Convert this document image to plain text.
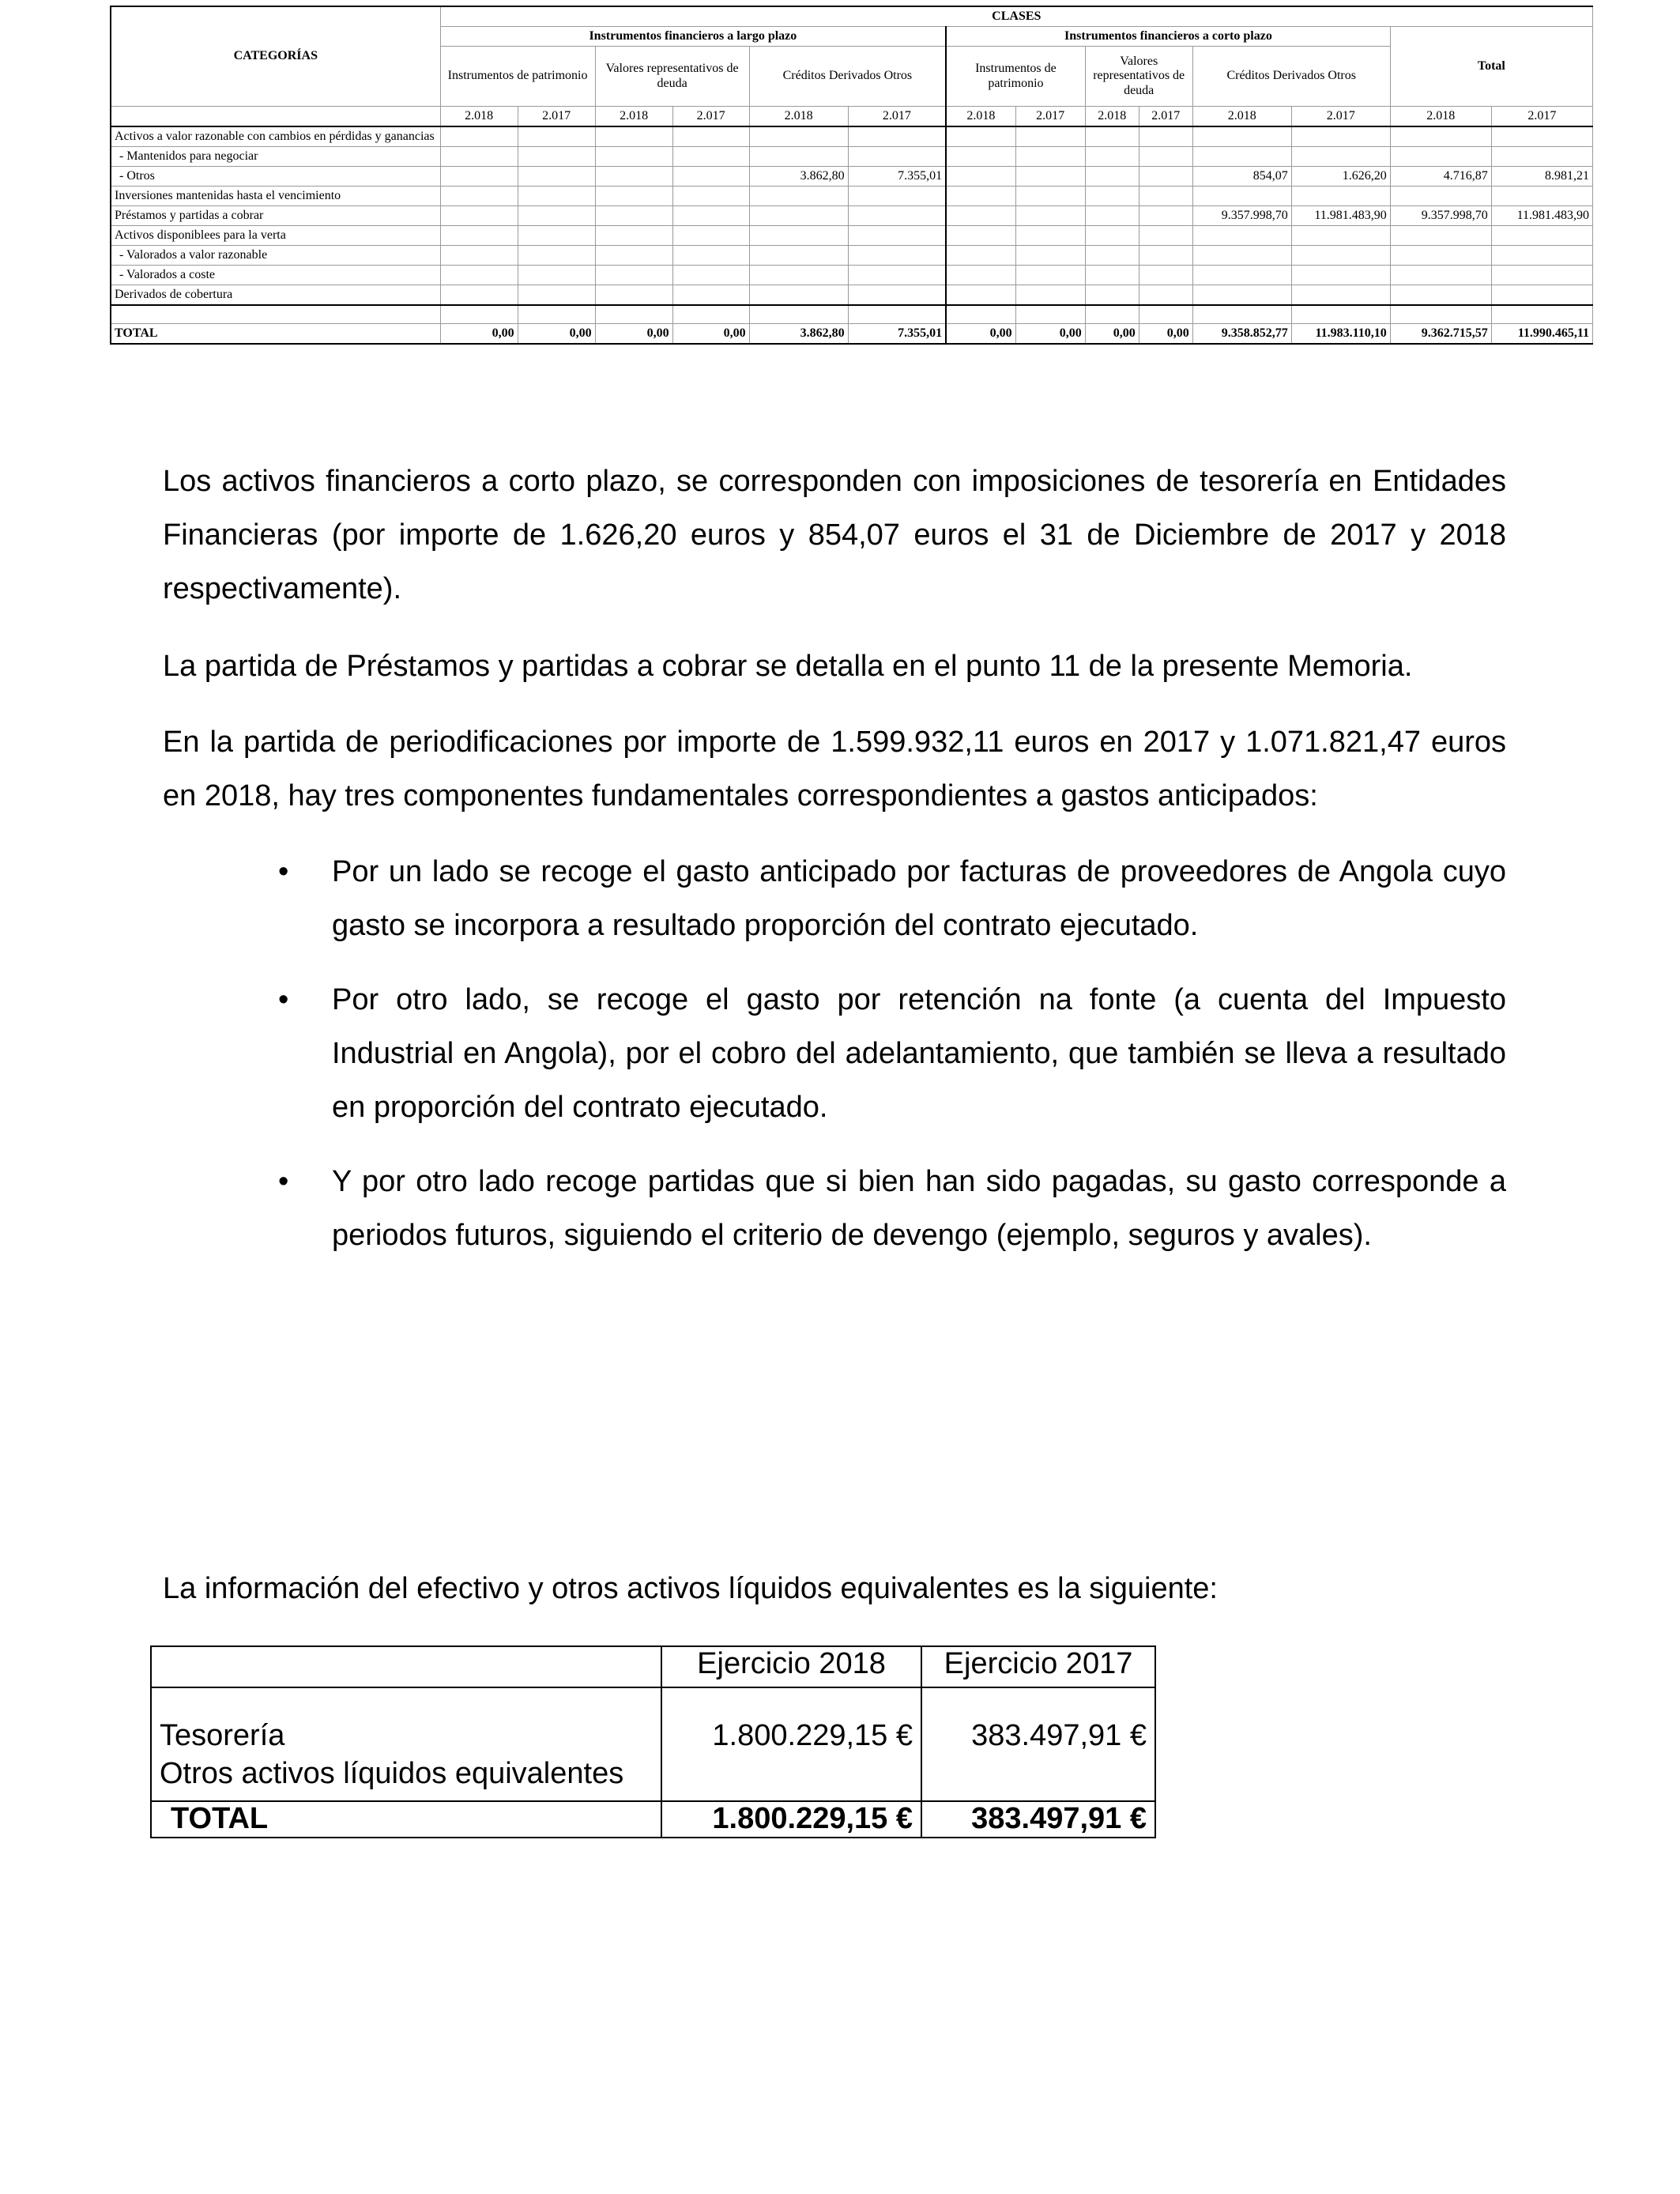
CATEGORÍAS	CLASES													
	Instrumentos financieros a largo plazo						Instrumentos financieros a corto plazo						Total	
	Instrumentos de patrimonio		Valores representativos de deuda		Créditos Derivados Otros		Instrumentos de patrimonio		Valores representativos de deuda		Créditos Derivados Otros			
	2.018	2.017	2.018	2.017	2.018	2.017	2.018	2.017	2.018	2.017	2.018	2.017	2.018	2.017
Activos a valor razonable con cambios en pérdidas y ganancias														
- Mantenidos para negociar														
- Otros					3.862,80	7.355,01					854,07	1.626,20	4.716,87	8.981,21
Inversiones mantenidas hasta el vencimiento														
Préstamos y partidas a cobrar											9.357.998,70	11.981.483,90	9.357.998,70	11.981.483,90
Activos disponiblees para la verta														
- Valorados a valor razonable														
- Valorados a coste														
Derivados de cobertura														

TOTAL	0,00	0,00	0,00	0,00	3.862,80	7.355,01	0,00	0,00	0,00	0,00	9.358.852,77	11.983.110,10	9.362.715,57	11.990.465,11

Los activos financieros a corto plazo, se corresponden con imposiciones de tesorería en Entidades Financieras (por importe de 1.626,20 euros y 854,07 euros el 31 de Diciembre de 2017 y 2018 respectivamente).

La partida de Préstamos y partidas a cobrar se detalla en el punto 11 de la presente Memoria.

En la partida de periodificaciones por importe de 1.599.932,11 euros en 2017 y 1.071.821,47 euros en 2018, hay tres componentes fundamentales correspondientes a gastos anticipados:

• Por un lado se recoge el gasto anticipado por facturas de proveedores de Angola cuyo gasto se incorpora a resultado proporción del contrato ejecutado.
• Por otro lado, se recoge el gasto por retención na fonte (a cuenta del Impuesto Industrial en Angola), por el cobro del adelantamiento, que también se lleva a resultado en proporción del contrato ejecutado.
• Y por otro lado recoge partidas que si bien han sido pagadas, su gasto corresponde a periodos futuros, siguiendo el criterio de devengo (ejemplo, seguros y avales).

La información del efectivo y otros activos líquidos equivalentes es la siguiente:

	Ejercicio 2018	Ejercicio 2017

Tesorería
Otros activos líquidos equivalentes	1.800.229,15 €	383.497,91 €
TOTAL	1.800.229,15 €	383.497,91 €
